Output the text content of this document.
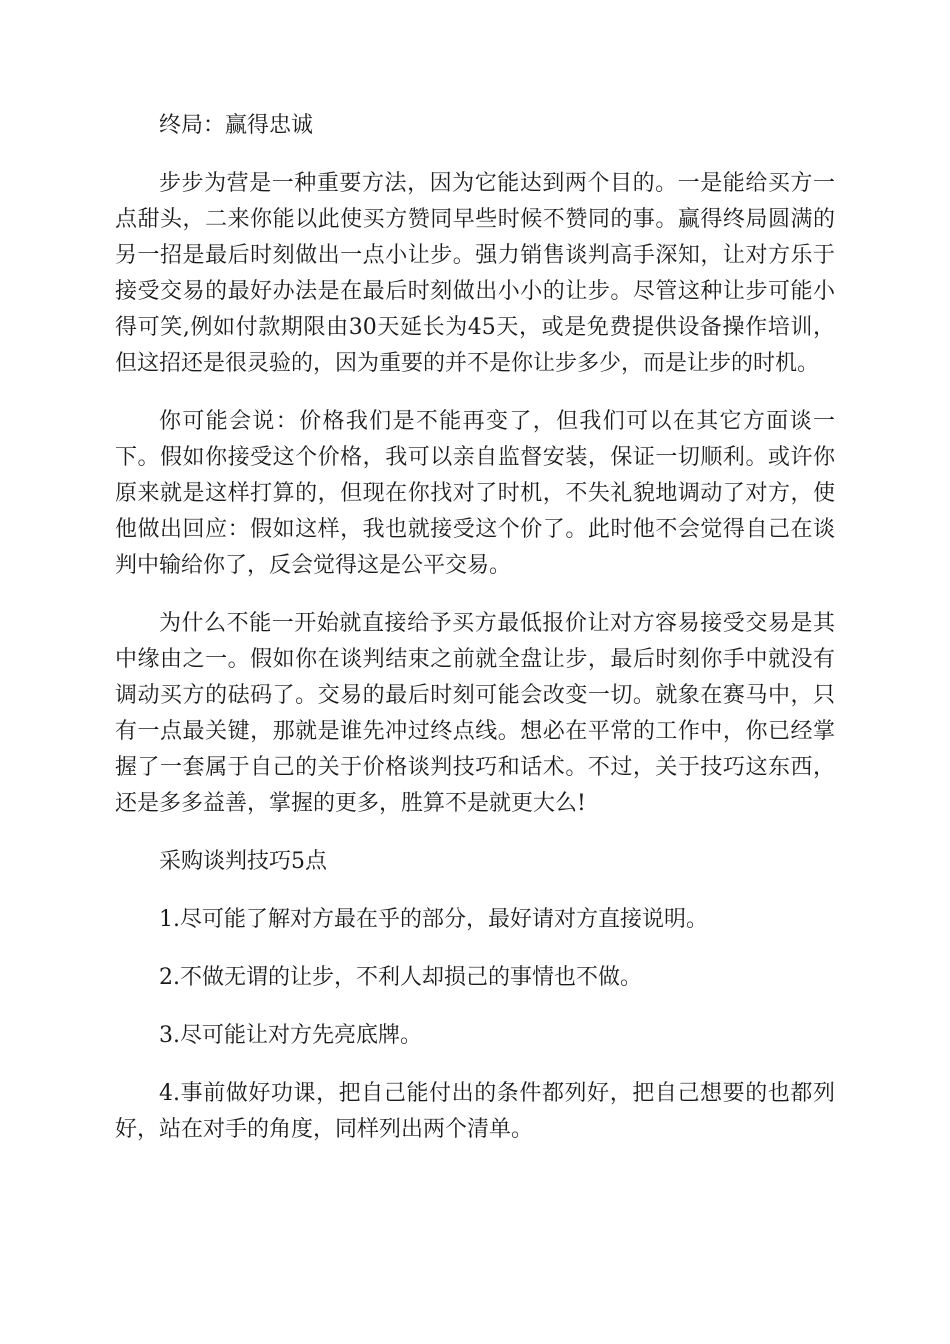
终局：赢得忠诚

步步为营是一种重要方法，因为它能达到两个目的。一是能给买方一点甜头，二来你能以此使买方赞同早些时候不赞同的事。赢得终局圆满的另一招是最后时刻做出一点小让步。强力销售谈判高手深知，让对方乐于接受交易的最好办法是在最后时刻做出小小的让步。尽管这种让步可能小得可笑,例如付款期限由30天延长为45天，或是免费提供设备操作培训，但这招还是很灵验的，因为重要的并不是你让步多少，而是让步的时机。

你可能会说：价格我们是不能再变了，但我们可以在其它方面谈一下。假如你接受这个价格，我可以亲自监督安装，保证一切顺利。或许你原来就是这样打算的，但现在你找对了时机，不失礼貌地调动了对方，使他做出回应：假如这样，我也就接受这个价了。此时他不会觉得自己在谈判中输给你了，反会觉得这是公平交易。

为什么不能一开始就直接给予买方最低报价让对方容易接受交易是其中缘由之一。假如你在谈判结束之前就全盘让步，最后时刻你手中就没有调动买方的砝码了。交易的最后时刻可能会改变一切。就象在赛马中，只有一点最关键，那就是谁先冲过终点线。想必在平常的工作中，你已经掌握了一套属于自己的关于价格谈判技巧和话术。不过，关于技巧这东西，还是多多益善，掌握的更多，胜算不是就更大么!

采购谈判技巧5点

1.尽可能了解对方最在乎的部分，最好请对方直接说明。

2.不做无谓的让步，不利人却损己的事情也不做。

3.尽可能让对方先亮底牌。

4.事前做好功课，把自己能付出的条件都列好，把自己想要的也都列好，站在对手的角度，同样列出两个清单。
